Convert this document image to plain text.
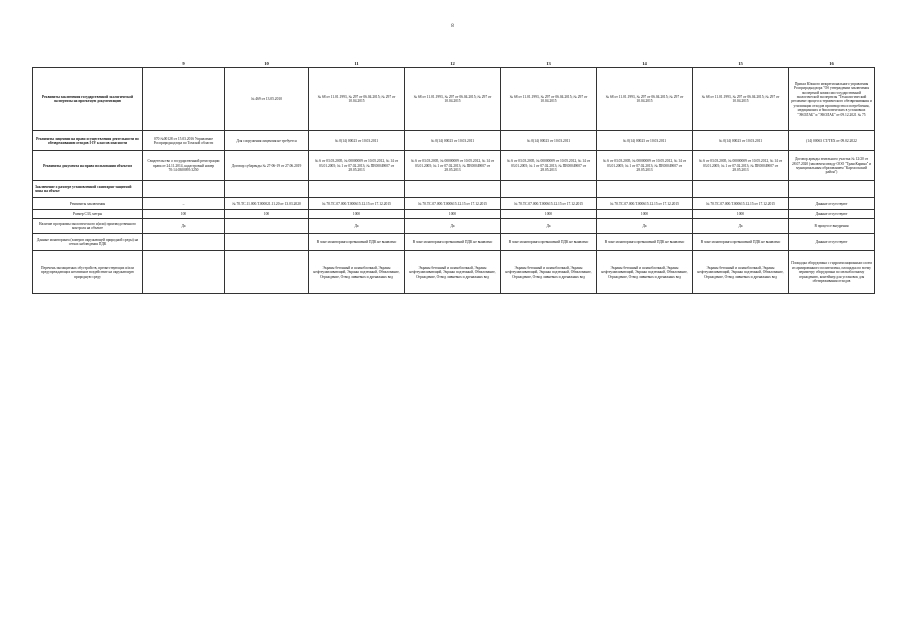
8
	9	10	11	12	13	14	15	16
Реквизиты заключения государственной экологической экспертизы на проектную документацию		№ 469 от 13.05.2010	№ 68 от 11.01.1993, № 297 от 06.04.2015; № 297 от 10.04.2015	№ 68 от 11.01.1993, № 297 от 06.04.2015; № 297 от 10.04.2015	№ 68 от 11.01.1993, № 297 от 06.04.2015; № 297 от 10.04.2015	№ 68 от 11.01.1993, № 297 от 06.04.2015; № 297 от 10.04.2015	№ 68 от 11.01.1993, № 297 от 06.04.2015; № 297 от 10.04.2015	Приказ Южного межрегионального управления Росприроднадзора "Об утверждении заключения экспертной комиссии государственной экологической экспертизы "Технологический регламент процесса термического обезвреживания и утилизации отходов производства и потребления, медицинских и биологических в установках "ЭКОЛАБ" и "ЭКОЛАБ" от 09.12.2021 № 75
Реквизиты лицензии на право осуществления деятельности по обезвреживанию отходов I-IV классов опасности	070 №00128 от 15.03.2016 Управление Росприроднадзора по Томской области	Для сооружения лицензия не требуется	№ 0(14) 00023 от 10.03.2011	№ 0(14) 00023 от 10.03.2011	№ 0(14) 00023 от 10.03.2011	№ 0(14) 00023 от 10.03.2011	№ 0(14) 00023 от 10.03.2011	(14) 00063 СТ/ТЕХ от 09.02.2022
Реквизиты документа на право пользования объектом	Свидетельство о государственной регистрации права от 24.11.2014, кадастровый номер 70:14:0300095:3250	Договор субаренды № 27-06-19 от 27.06.2019	№ 6 от 03.03.2005, № 00000009 от 10.05.2012, № 14 от 03.01.2005; № 1 от 07.02.2013; № ПЕ00049007 от 28.05.2013	№ 6 от 03.03.2005, № 00000009 от 10.05.2012, № 14 от 03.01.2005; № 1 от 07.02.2013; № ПЕ00049007 от 28.05.2013	№ 6 от 03.03.2005, № 00000009 от 10.05.2012, № 14 от 03.01.2005; № 1 от 07.02.2013; № ПЕ00049007 от 28.05.2013	№ 6 от 03.03.2005, № 00000009 от 10.05.2012, № 14 от 03.01.2005; № 1 от 07.02.2013; № ПЕ00049007 от 28.05.2013	№ 6 от 03.03.2005, № 00000009 от 10.05.2012, № 14 от 03.01.2005; № 1 от 07.02.2013; № ПЕ00049007 от 28.05.2013	Договор аренды земельного участка № 12/20 от 28.07.2020 (заключен между ООО "ТрансКарина" и муниципальным образованием "Каргасокский район")
Заключение о размере установленной санитарно-защитной зоны на объект								
Реквизиты заключения	–	№ 70.ТС.11.000.Т.000021.11.20 от 13.03.2020	№ 70.ТС.07.000.Т.000615.12.15 от 17.12.2015	№ 70.ТС.07.000.Т.000615.12.15 от 17.12.2015	№ 70.ТС.07.000.Т.000615.12.15 от 17.12.2015	№ 70.ТС.07.000.Т.000615.12.15 от 17.12.2015	№ 70.ТС.07.000.Т.000615.12.15 от 17.12.2015	Данные отсутствуют
Размер СЗЗ, метры	100	100	1000	1000	1000	1000	1000	Данные отсутствуют
Наличие программы экологического и(или) производственного контроля на объекте	Да		Да	Да	Да	Да	Да	В процессе внедрения
Данные мониторинга (замеров окружающей природной среды) на сетках наблюдения ПДК			В зоне мониторинга превышений ПДК не выявлено	В зоне мониторинга превышений ПДК не выявлено	В зоне мониторинга превышений ПДК не выявлено	В зоне мониторинга превышений ПДК не выявлено	В зоне мониторинга превышений ПДК не выявлено	Данные отсутствуют
Перечень экозащитных обустройств, препятствующих и/или предупреждающих негативное воздействие на окружающую природную среду			Экраны бетонный и шлакоблочный, Экраны нефтеулавливающий, Экраны подземный, Обвалование, Ограждение, Отвод ливневых и дренажных вод	Экраны бетонный и шлакоблочный, Экраны нефтеулавливающий, Экраны подземный, Обвалование, Ограждение, Отвод ливневых и дренажных вод	Экраны бетонный и шлакоблочный, Экраны нефтеулавливающий, Экраны подземный, Обвалование, Ограждение, Отвод ливневых и дренажных вод	Экраны бетонный и шлакоблочный, Экраны нефтеулавливающий, Экраны подземный, Обвалование, Ограждение, Отвод ливневых и дренажных вод	Экраны бетонный и шлакоблочный, Экраны нефтеулавливающий, Экраны подземный, Обвалование, Ограждение, Отвод ливневых и дренажных вод	Площадка оборудована с гидроизоляционным слоем из армированного полиэтилена, площадка по всему периметру оборудована по мелкоблочному ограждению, контейнер для установок для обезвреживания отходов
